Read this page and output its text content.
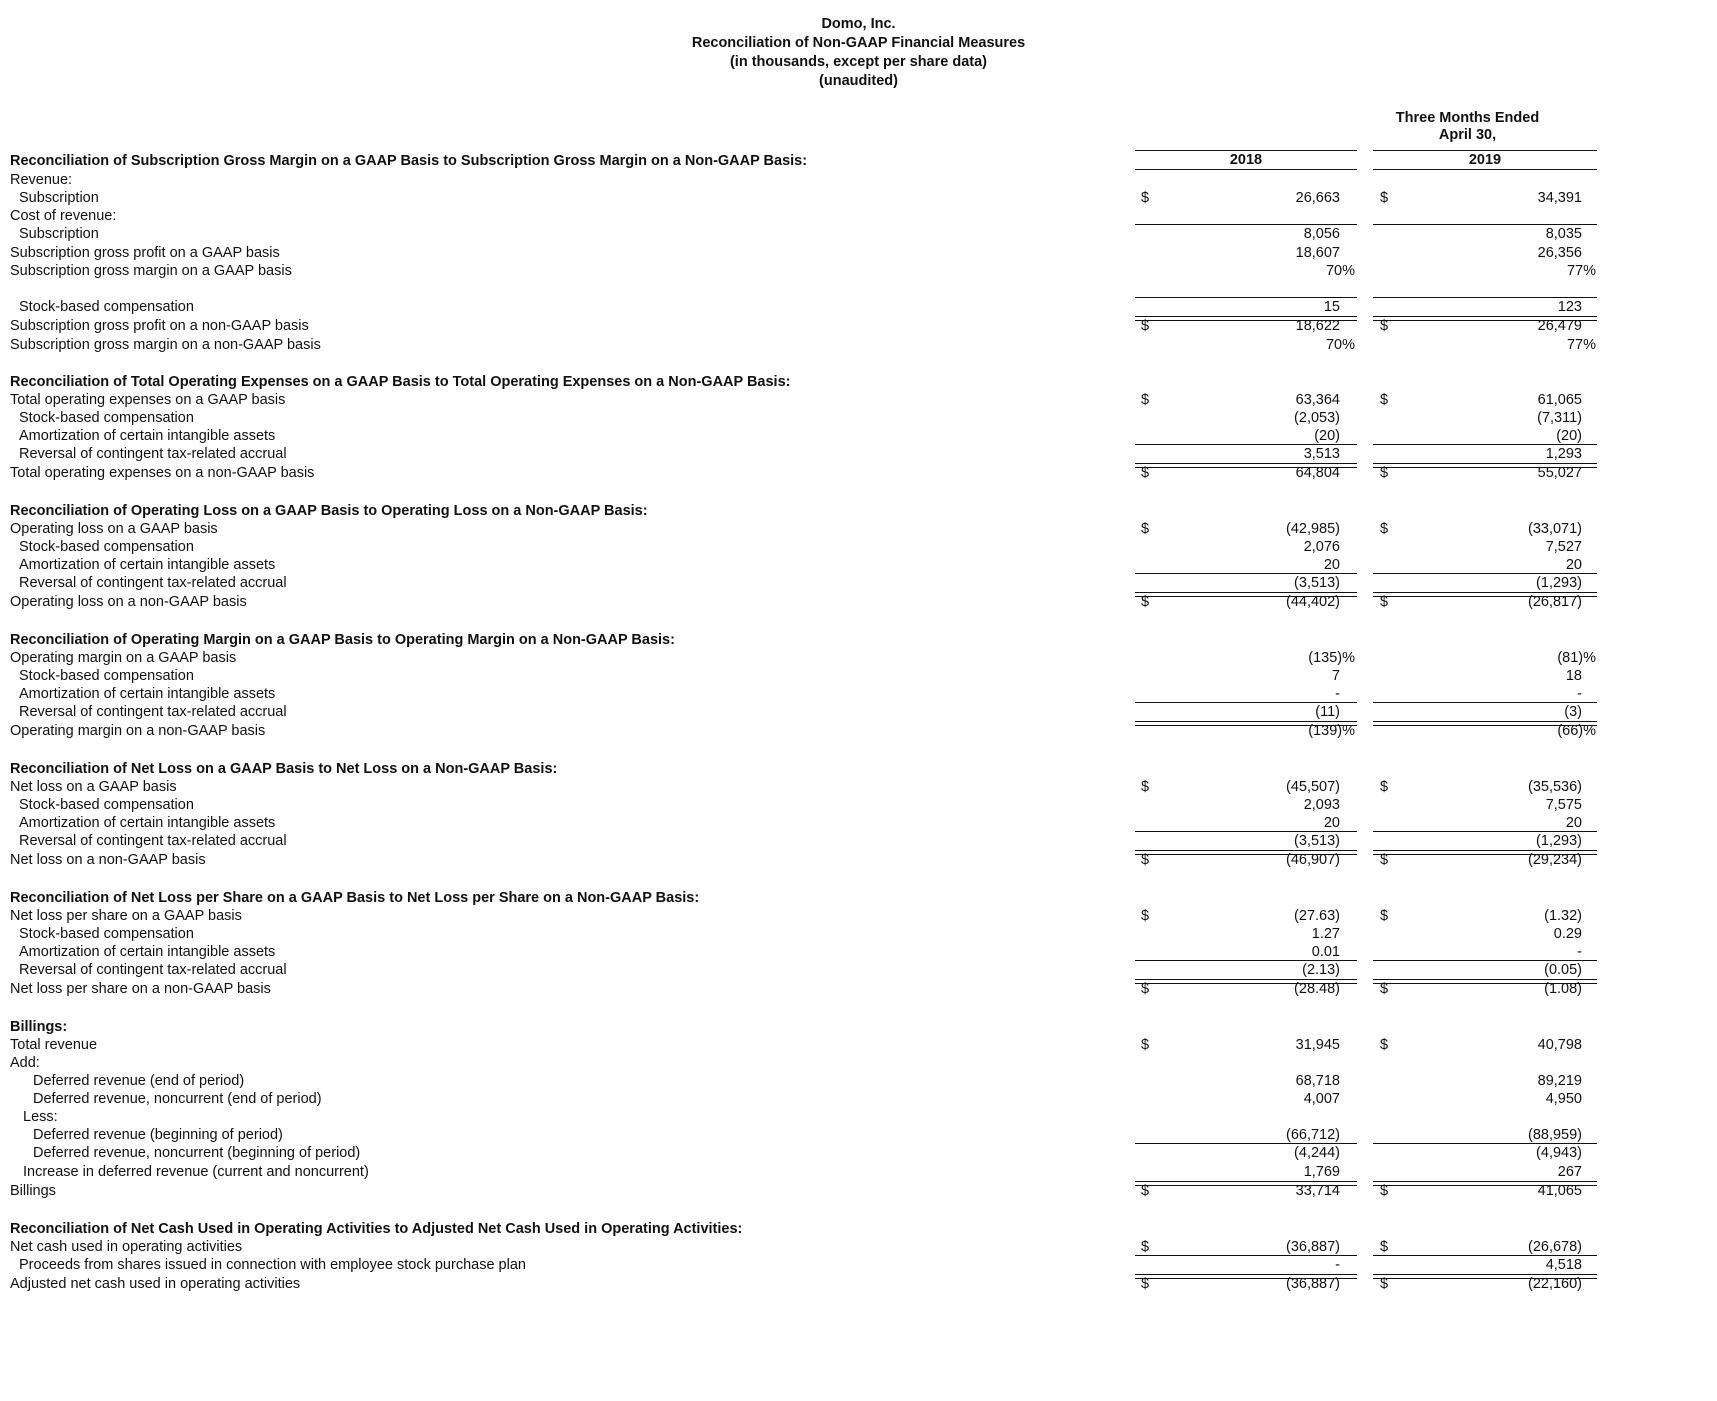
Domo, Inc.
Reconciliation of Non-GAAP Financial Measures
(in thousands, except per share data)
(unaudited)
Three Months Ended
April 30,
2018	2019
Reconciliation of Subscription Gross Margin on a GAAP Basis to Subscription Gross Margin on a Non-GAAP Basis:
Revenue:
Subscription	$	26,663	$	34,391
Cost of revenue:
Subscription	8,056	8,035
Subscription gross profit on a GAAP basis	18,607	26,356
Subscription gross margin on a GAAP basis	70%	77%
Stock-based compensation	15	123
Subscription gross profit on a non-GAAP basis	$	18,622	$	26,479
Subscription gross margin on a non-GAAP basis	70%	77%
Reconciliation of Total Operating Expenses on a GAAP Basis to Total Operating Expenses on a Non-GAAP Basis:
Total operating expenses on a GAAP basis	$	63,364	$	61,065
Stock-based compensation	(2,053)	(7,311)
Amortization of certain intangible assets	(20)	(20)
Reversal of contingent tax-related accrual	3,513	1,293
Total operating expenses on a non-GAAP basis	$	64,804	$	55,027
Reconciliation of Operating Loss on a GAAP Basis to Operating Loss on a Non-GAAP Basis:
Operating loss on a GAAP basis	$	(42,985)	$	(33,071)
Stock-based compensation	2,076	7,527
Amortization of certain intangible assets	20	20
Reversal of contingent tax-related accrual	(3,513)	(1,293)
Operating loss on a non-GAAP basis	$	(44,402)	$	(26,817)
Reconciliation of Operating Margin on a GAAP Basis to Operating Margin on a Non-GAAP Basis:
Operating margin on a GAAP basis	(135)%	(81)%
Stock-based compensation	7	18
Amortization of certain intangible assets	-	-
Reversal of contingent tax-related accrual	(11)	(3)
Operating margin on a non-GAAP basis	(139)%	(66)%
Reconciliation of Net Loss on a GAAP Basis to Net Loss on a Non-GAAP Basis:
Net loss on a GAAP basis	$	(45,507)	$	(35,536)
Stock-based compensation	2,093	7,575
Amortization of certain intangible assets	20	20
Reversal of contingent tax-related accrual	(3,513)	(1,293)
Net loss on a non-GAAP basis	$	(46,907)	$	(29,234)
Reconciliation of Net Loss per Share on a GAAP Basis to Net Loss per Share on a Non-GAAP Basis:
Net loss per share on a GAAP basis	$	(27.63)	$	(1.32)
Stock-based compensation	1.27	0.29
Amortization of certain intangible assets	0.01	-
Reversal of contingent tax-related accrual	(2.13)	(0.05)
Net loss per share on a non-GAAP basis	$	(28.48)	$	(1.08)
Billings:
Total revenue	$	31,945	$	40,798
Add:
Deferred revenue (end of period)	68,718	89,219
Deferred revenue, noncurrent (end of period)	4,007	4,950
Less:
Deferred revenue (beginning of period)	(66,712)	(88,959)
Deferred revenue, noncurrent (beginning of period)	(4,244)	(4,943)
Increase in deferred revenue (current and noncurrent)	1,769	267
Billings	$	33,714	$	41,065
Reconciliation of Net Cash Used in Operating Activities to Adjusted Net Cash Used in Operating Activities:
Net cash used in operating activities	$	(36,887)	$	(26,678)
Proceeds from shares issued in connection with employee stock purchase plan	-	4,518
Adjusted net cash used in operating activities	$	(36,887)	$	(22,160)
